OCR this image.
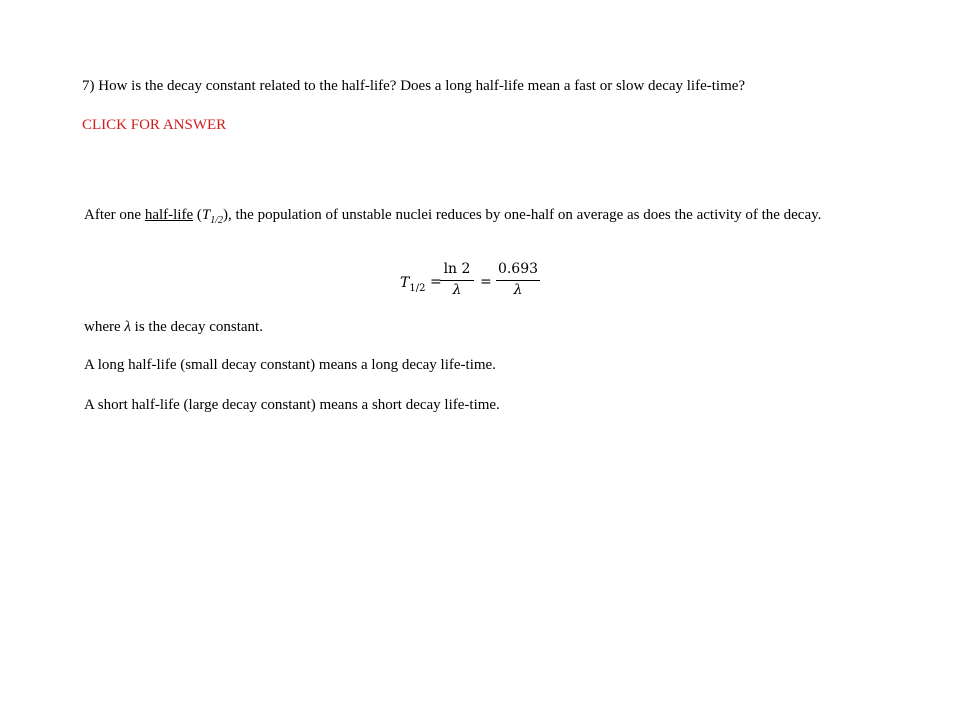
7) How is the decay constant related to the half-life? Does a long half-life mean a fast or slow decay life-time?
CLICK FOR ANSWER
After one half-life $(T_{1/2})$, the population of unstable nuclei reduces by one-half on average as does the activity of the decay.
$T_{1/2}$ =
ln 2
λ	=
0.693
λ
where λ is the decay constant.
A long half-life (small decay constant) means a long decay life-time.
A short half-life (large decay constant) means a short decay life-time.
